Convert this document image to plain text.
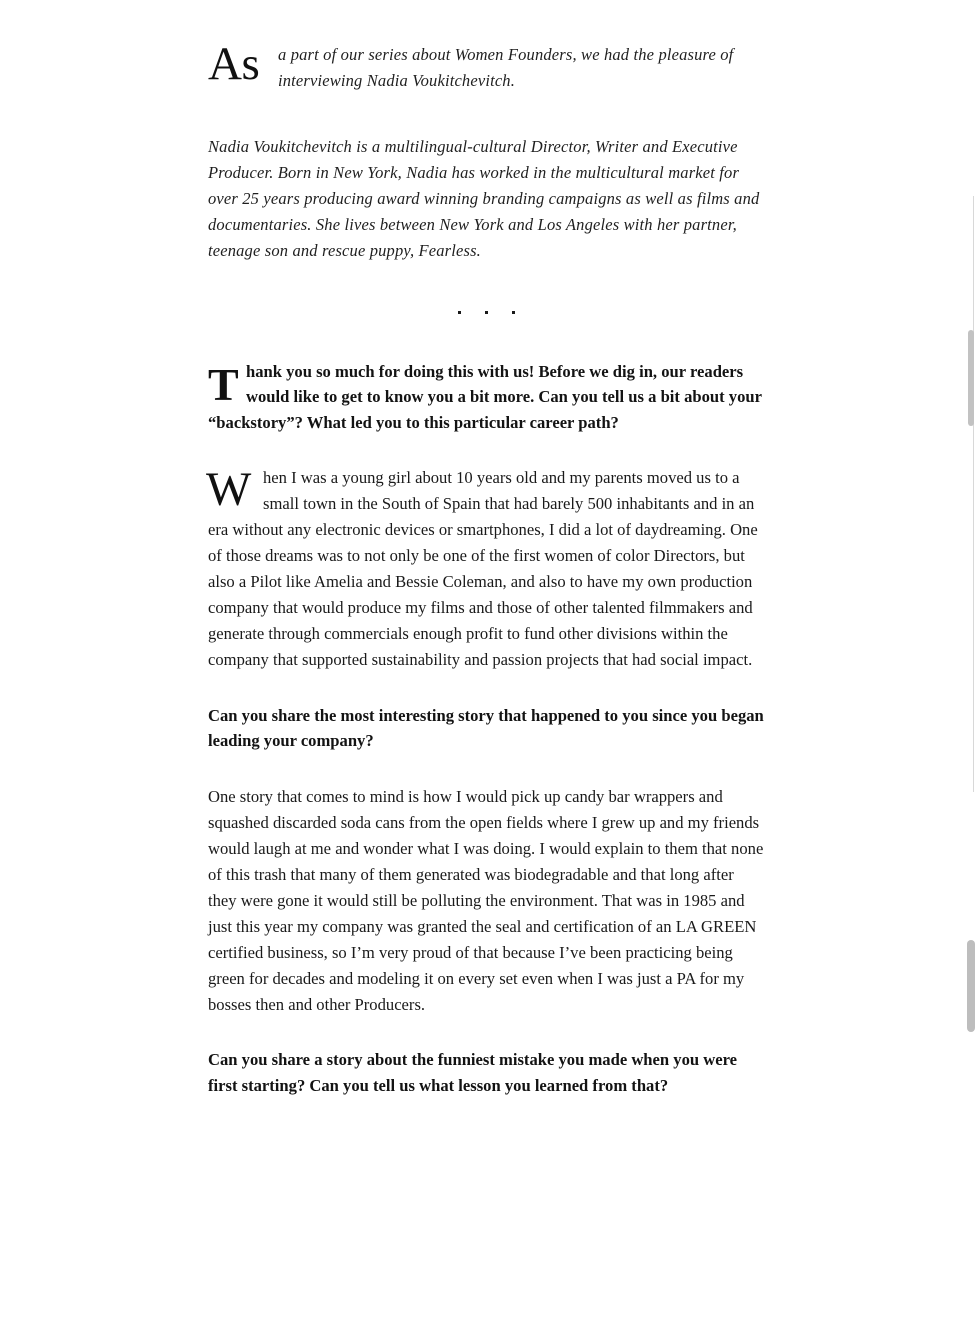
As	a part of our series about Women Founders, we had the pleasure of interviewing Nadia Voukitchevitch.

Nadia Voukitchevitch is a multilingual-cultural Director, Writer and Executive Producer. Born in New York, Nadia has worked in the multicultural market for over 25 years producing award winning branding campaigns as well as films and documentaries. She lives between New York and Los Angeles with her partner, teenage son and rescue puppy, Fearless.

T hank you so much for doing this with us! Before we dig in, our readers would like to get to know you a bit more. Can you tell us a bit about your “backstory”? What led you to this particular career path?
W hen I was a young girl about 10 years old and my parents moved us to a small town in the South of Spain that had barely 500 inhabitants and in an era without any electronic devices or smartphones, I did a lot of daydreaming. One of those dreams was to not only be one of the first women of color Directors, but also a Pilot like Amelia and Bessie Coleman, and also to have my own production company that would produce my films and those of other talented filmmakers and generate through commercials enough profit to fund other divisions within the company that supported sustainability and passion projects that had social impact.

Can you share the most interesting story that happened to you since you began leading your company?

One story that comes to mind is how I would pick up candy bar wrappers and squashed discarded soda cans from the open fields where I grew up and my friends would laugh at me and wonder what I was doing. I would explain to them that none of this trash that many of them generated was biodegradable and that long after they were gone it would still be polluting the environment. That was in 1985 and just this year my company was granted the seal and certification of an LA GREEN certified business, so I’m very proud of that because I’ve been practicing being green for decades and modeling it on every set even when I was just a PA for my bosses then and other Producers.

Can you share a story about the funniest mistake you made when you were first starting? Can you tell us what lesson you learned from that?
